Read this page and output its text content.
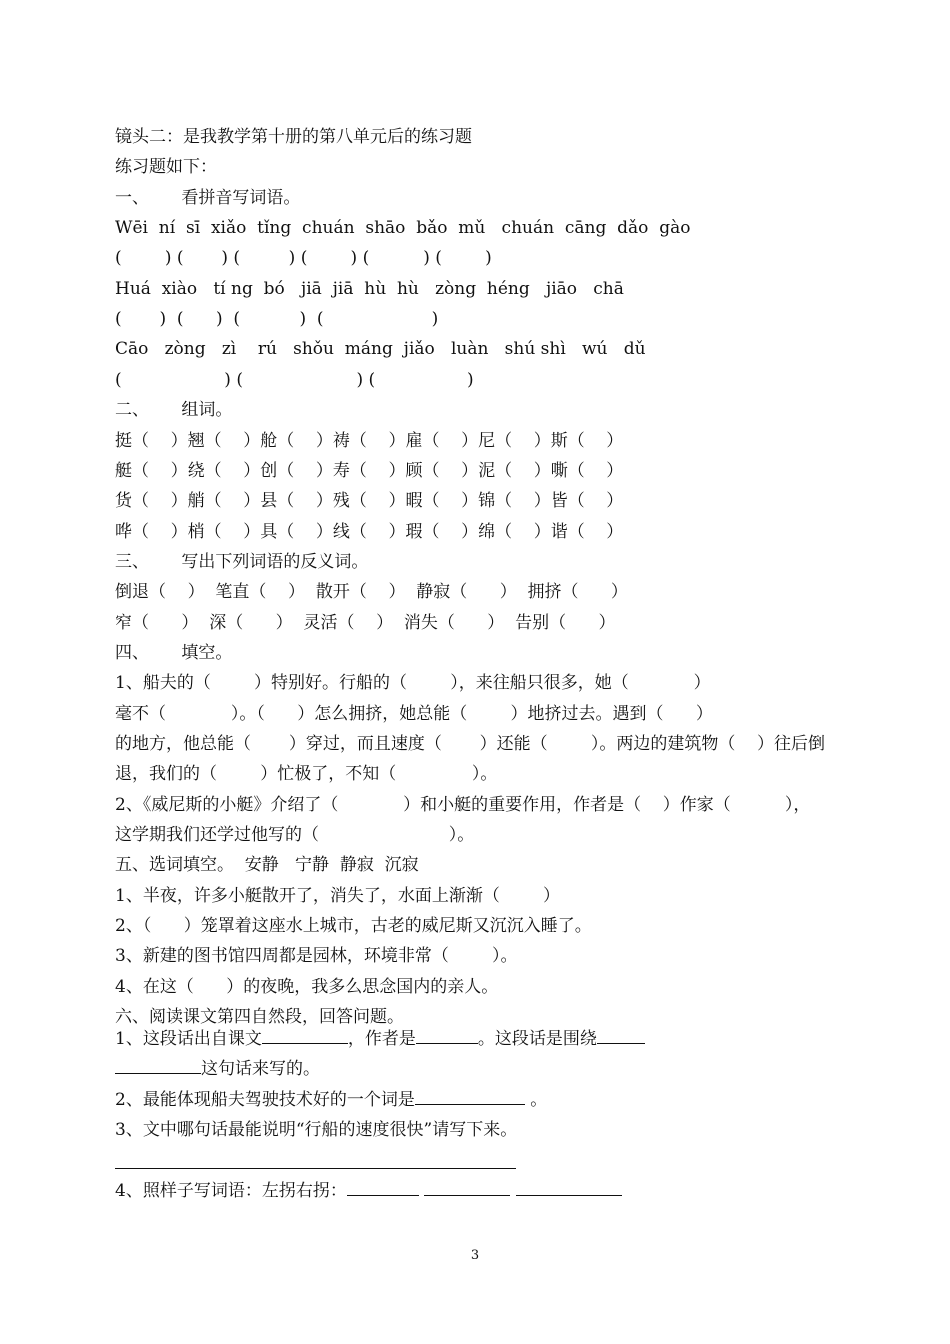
镜头二：是我教学第十册的第八单元后的练习题
练习题如下：
一、      看拼音写词语。
Wēi  ní  sī  xiǎo  tǐng  chuán  shāo  bǎo  mǔ   chuán  cāng  dǎo  gào
(        ) (       ) (         ) (        ) (          ) (        )
Huá  xiào   tí ng  bó   jiā  jiā  hù  hù   zòng  héng   jiāo   chā
(       )  (      )  (           )  (                    )
Cāo   zòng   zì    rú   shǒu  máng  jiǎo   luàn   shú shì   wú   dǔ
(                   ) (                     ) (                 )
二、      组词。
挺（    ）翘（    ）舱（    ）祷（    ）雇（    ）尼（    ）斯（    ）
艇（    ）绕（    ）创（    ）寿（    ）顾（    ）泥（    ）嘶（    ）
货（    ）艄（    ）县（    ）残（    ）暇（    ）锦（    ）皆（    ）
哗（    ）梢（    ）具（    ）线（    ）瑕（    ）绵（    ）谐（    ）
三、      写出下列词语的反义词。
倒退（    ）  笔直（    ）  散开（    ）  静寂（      ）  拥挤（      ）
窄（      ）  深（      ）  灵活（    ）  消失（      ）  告别（      ）
四、      填空。
1、船夫的（        ）特别好。行船的（        ），来往船只很多，她（            ）
毫不（            ）。（      ）怎么拥挤，她总能（        ）地挤过去。遇到（      ）
的地方，他总能（       ）穿过，而且速度（       ）还能（        ）。两边的建筑物（    ）往后倒
退，我们的（        ）忙极了，不知（              ）。
2、《威尼斯的小艇》介绍了（            ）和小艇的重要作用，作者是（    ）作家（          ），
这学期我们还学过他写的（                        ）。
五、选词填空。  安静   宁静  静寂  沉寂
1、半夜，许多小艇散开了，消失了，水面上渐渐（        ）
2、（      ）笼罩着这座水上城市，古老的威尼斯又沉沉入睡了。
3、新建的图书馆四周都是园林，环境非常（        ）。
4、在这（      ）的夜晚，我多么思念国内的亲人。
六、阅读课文第四自然段，回答问题。
1、这段话出自课文	，作者是	。这段话是围绕
这句话来写的。
2、最能体现船夫驾驶技术好的一个词是	。
3、文中哪句话最能说明“行船的速度很快”请写下来。
4、照样子写词语：左拐右拐：
3
